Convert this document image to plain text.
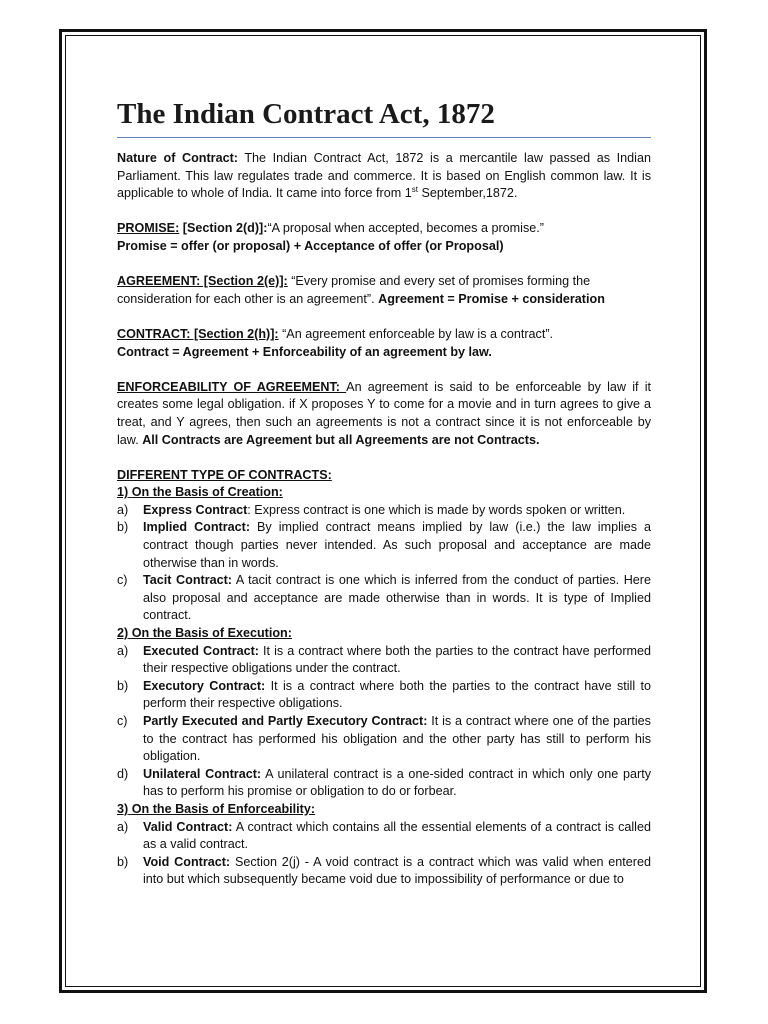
The Indian Contract Act, 1872

Nature of Contract: The Indian Contract Act, 1872 is a mercantile law passed as Indian Parliament. This law regulates trade and commerce. It is based on English common law. It is applicable to whole of India. It came into force from 1st September,1872.

PROMISE: [Section 2(d)]:“A proposal when accepted, becomes a promise.”
Promise = offer (or proposal) + Acceptance of offer (or Proposal)

AGREEMENT: [Section 2(e)]: “Every promise and every set of promises forming the consideration for each other is an agreement”. Agreement = Promise + consideration

CONTRACT: [Section 2(h)]: “An agreement enforceable by law is a contract”.
Contract = Agreement + Enforceability of an agreement by law.

ENFORCEABILITY OF AGREEMENT: An agreement is said to be enforceable by law if it creates some legal obligation. if X proposes Y to come for a movie and in turn agrees to give a treat, and Y agrees, then such an agreements is not a contract since it is not enforceable by law. All Contracts are Agreement but all Agreements are not Contracts.

DIFFERENT TYPE OF CONTRACTS:
1) On the Basis of Creation:
a)	Express Contract: Express contract is one which is made by words spoken or written.
b)	Implied Contract: By implied contract means implied by law (i.e.) the law implies a contract though parties never intended. As such proposal and acceptance are made otherwise than in words.
c)	Tacit Contract: A tacit contract is one which is inferred from the conduct of parties. Here also proposal and acceptance are made otherwise than in words. It is type of Implied contract.
2) On the Basis of Execution:
a)	Executed Contract: It is a contract where both the parties to the contract have performed their respective obligations under the contract.
b)	Executory Contract: It is a contract where both the parties to the contract have still to perform their respective obligations.
c)	Partly Executed and Partly Executory Contract: It is a contract where one of the parties to the contract has performed his obligation and the other party has still to perform his obligation.
d)	Unilateral Contract: A unilateral contract is a one-sided contract in which only one party has to perform his promise or obligation to do or forbear.
3) On the Basis of Enforceability:
a)	Valid Contract: A contract which contains all the essential elements of a contract is called as a valid contract.
b)	Void Contract: Section 2(j) - A void contract is a contract which was valid when entered into but which subsequently became void due to impossibility of performance or due to
